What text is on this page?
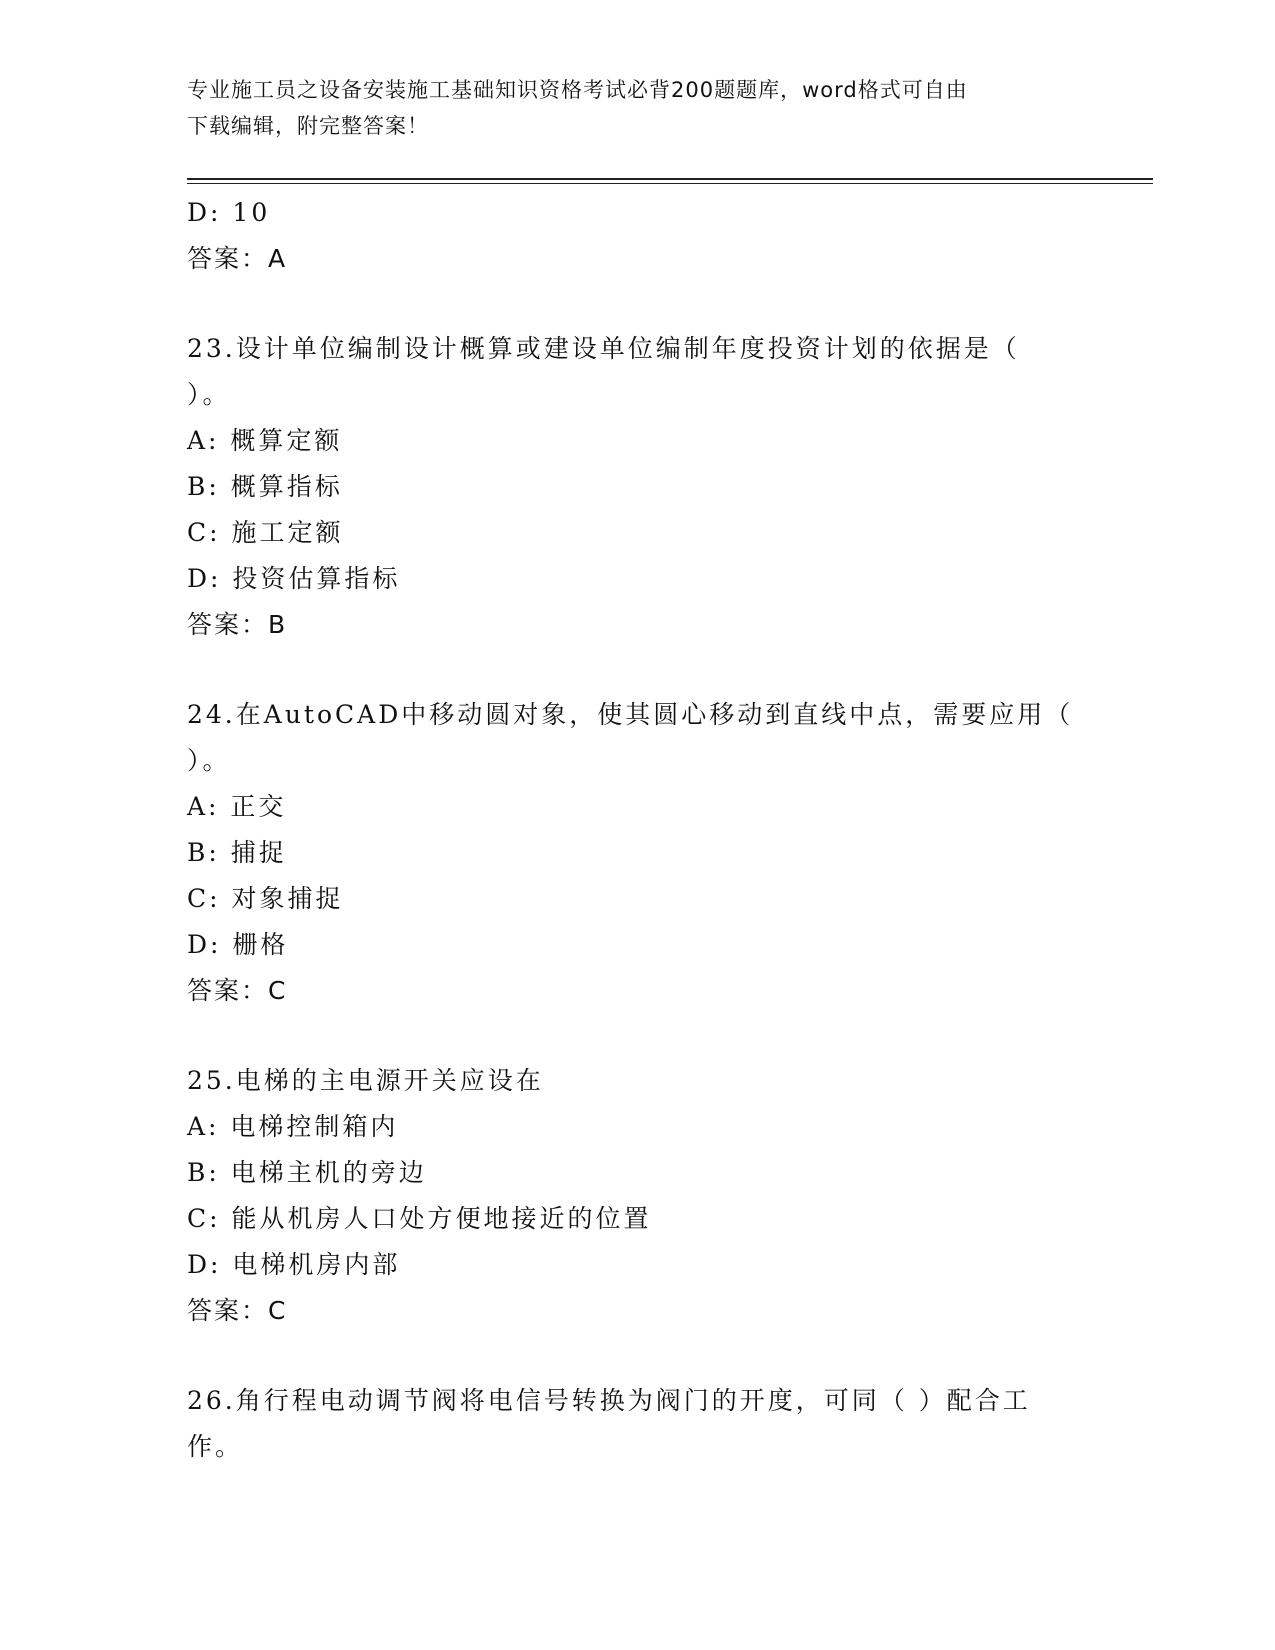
专业施工员之设备安装施工基础知识资格考试必背200题题库，word格式可自由
下载编辑，附完整答案！
D: 10
答案：A
23.设计单位编制设计概算或建设单位编制年度投资计划的依据是（
）。
A: 概算定额
B: 概算指标
C: 施工定额
D: 投资估算指标
答案：B
24.在AutoCAD中移动圆对象，使其圆心移动到直线中点，需要应用（
）。
A: 正交
B: 捕捉
C: 对象捕捉
D: 栅格
答案：C
25.电梯的主电源开关应设在
A: 电梯控制箱内
B: 电梯主机的旁边
C: 能从机房人口处方便地接近的位置
D: 电梯机房内部
答案：C
26.角行程电动调节阀将电信号转换为阀门的开度，可同（ ）配合工
作。
